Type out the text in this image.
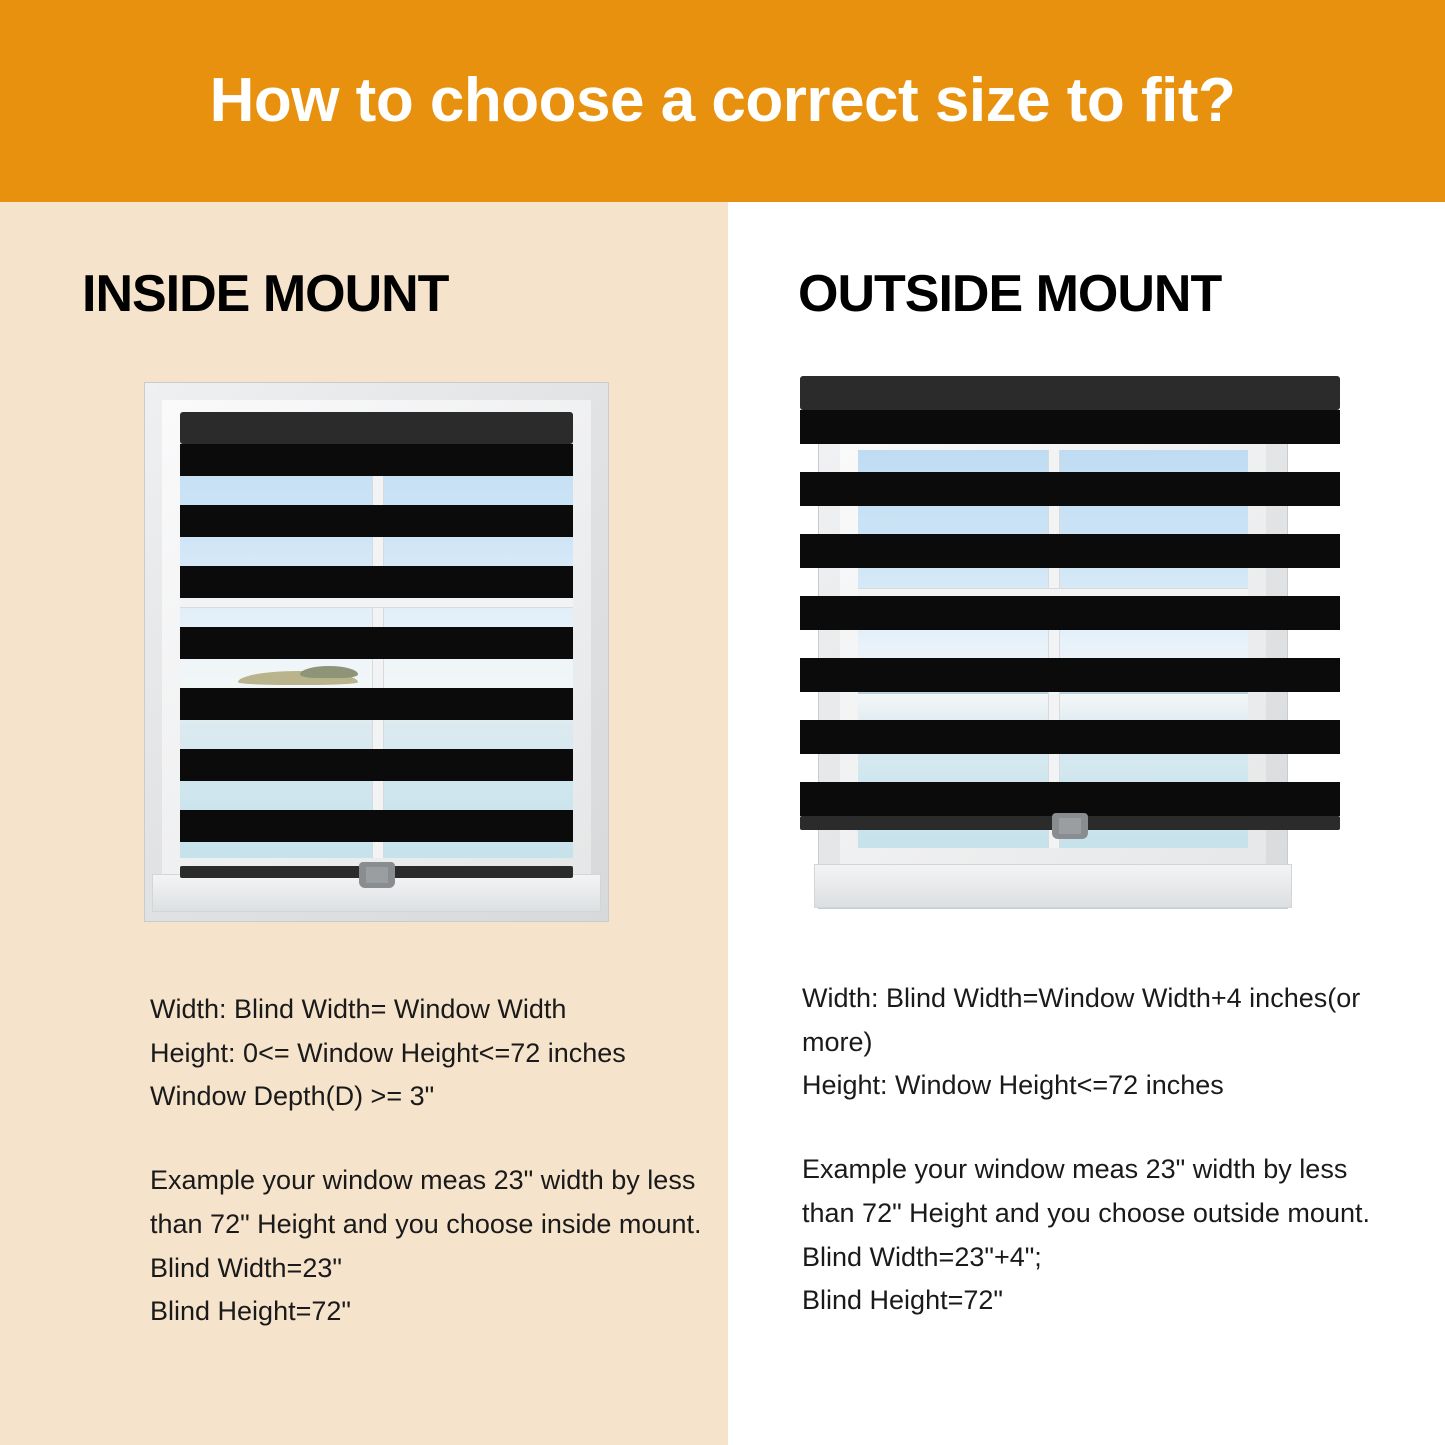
How to choose a correct size to fit?
INSIDE MOUNT
Width: Blind Width= Window Width
Height: 0<= Window Height<=72 inches
Window Depth(D) >= 3"
Example your window meas 23" width by less than 72" Height and you choose inside mount.
Blind Width=23"
Blind Height=72"
OUTSIDE MOUNT
Width: Blind Width=Window Width+4 inches(or more)
Height: Window Height<=72 inches
Example your window meas 23" width by less than 72" Height and you choose outside mount.
Blind Width=23"+4";
Blind Height=72"
